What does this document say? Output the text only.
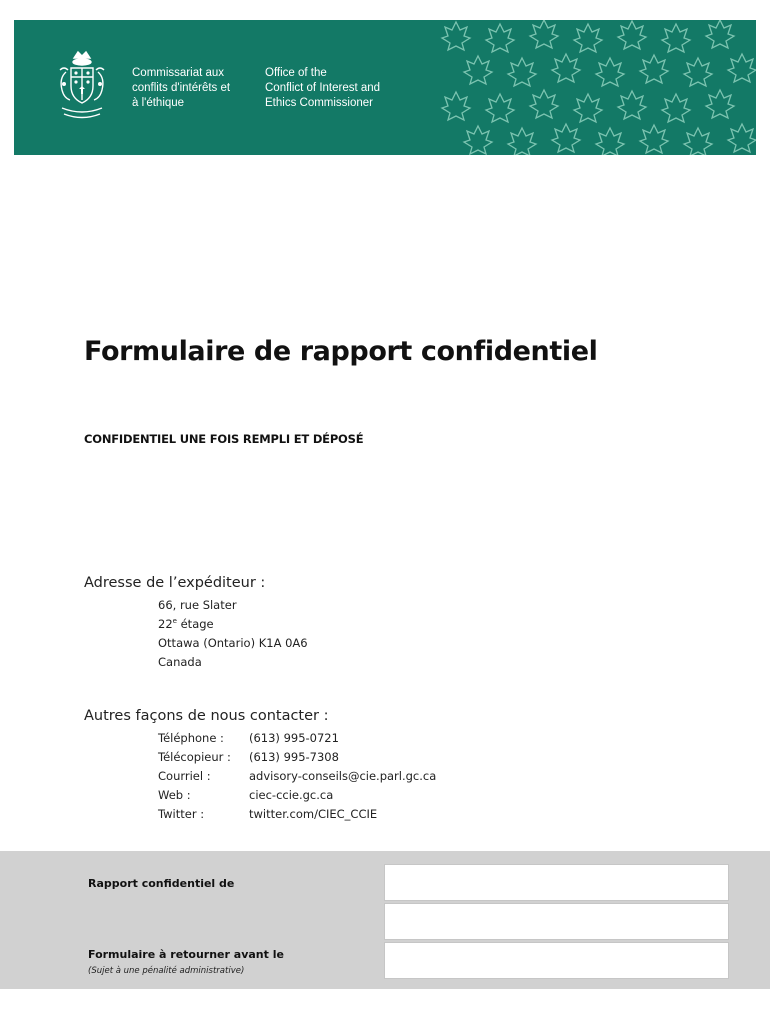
Commissariat aux
conflits d'intérêts et
à l'éthique
Office of the
Conflict of Interest and
Ethics Commissioner
Formulaire de rapport confidentiel
CONFIDENTIEL UNE FOIS REMPLI ET DÉPOSÉ
Adresse de l’expéditeur :
66, rue Slater
22e étage
Ottawa (Ontario) K1A 0A6
Canada
Autres façons de nous contacter :
Téléphone : (613) 995-0721
Télécopieur : (613) 995-7308
Courriel :	advisory-conseils@cie.parl.gc.ca
Web :	ciec-ccie.gc.ca
Twitter :	twitter.com/CIEC_CCIE
Rapport confidentiel de
Formulaire à retourner avant le
(Sujet à une pénalité administrative)
